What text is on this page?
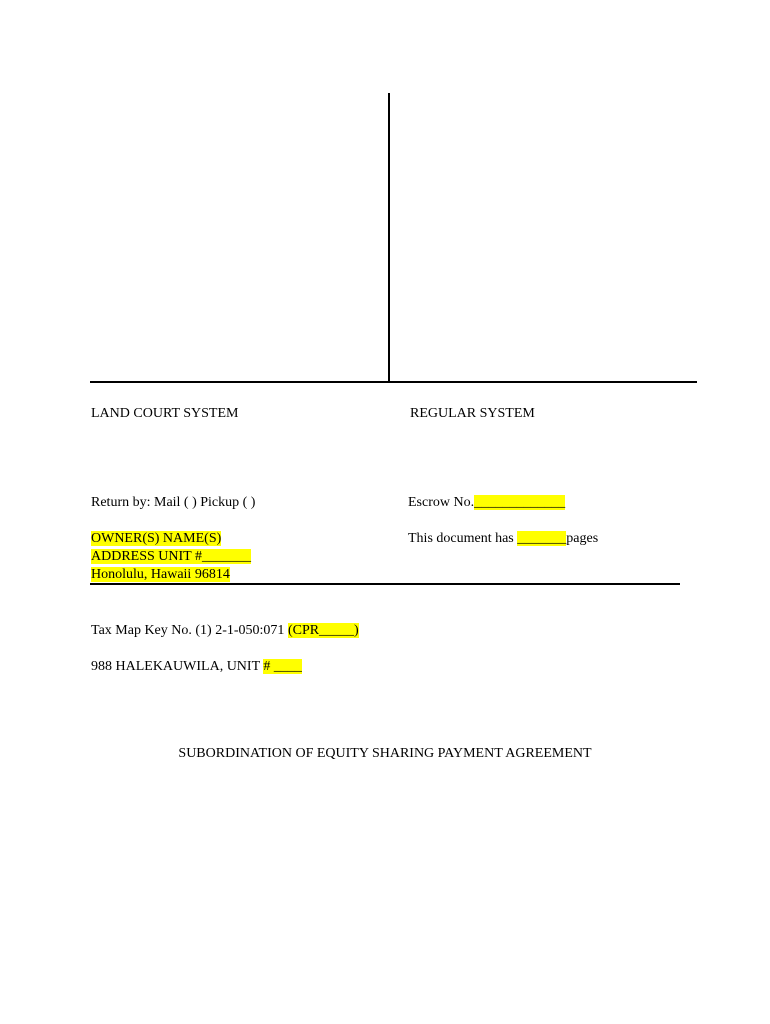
LAND COURT SYSTEM	REGULAR SYSTEM
Return by: Mail ( ) Pickup ( )	Escrow No._____________
OWNER(S) NAME(S)
ADDRESS UNIT #_______
Honolulu, Hawaii 96814
This document has _______pages
Tax Map Key No. (1) 2-1-050:071 (CPR_____)
988 HALEKAUWILA, UNIT # ____
SUBORDINATION OF EQUITY SHARING PAYMENT AGREEMENT
